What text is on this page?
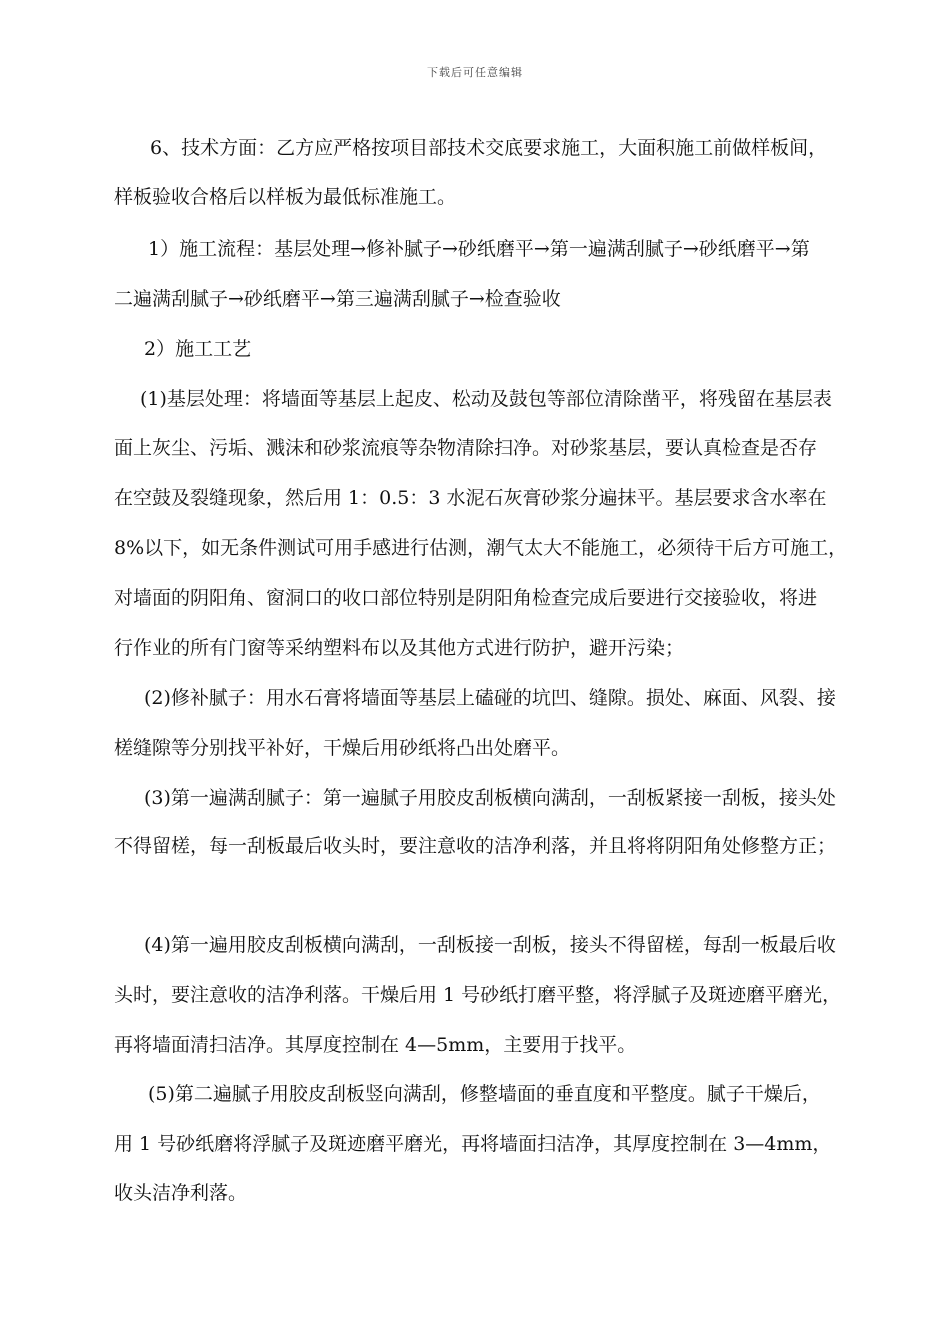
下载后可任意编辑
6、技术方面：乙方应严格按项目部技术交底要求施工，大面积施工前做样板间，
样板验收合格后以样板为最低标准施工。
1）施工流程：基层处理→修补腻子→砂纸磨平→第一遍满刮腻子→砂纸磨平→第
二遍满刮腻子→砂纸磨平→第三遍满刮腻子→检查验收
2）施工工艺
(1)基层处理：将墙面等基层上起皮、松动及鼓包等部位清除凿平，将残留在基层表
面上灰尘、污垢、溅沫和砂浆流痕等杂物清除扫净。对砂浆基层，要认真检查是否存
在空鼓及裂缝现象，然后用 1：0.5：3 水泥石灰膏砂浆分遍抹平。基层要求含水率在
8%以下，如无条件测试可用手感进行估测，潮气太大不能施工，必须待干后方可施工，
对墙面的阴阳角、窗洞口的收口部位特别是阴阳角检查完成后要进行交接验收，将进
行作业的所有门窗等采纳塑料布以及其他方式进行防护，避开污染；
(2)修补腻子：用水石膏将墙面等基层上磕碰的坑凹、缝隙。损处、麻面、风裂、接
槎缝隙等分别找平补好，干燥后用砂纸将凸出处磨平。
(3)第一遍满刮腻子：第一遍腻子用胶皮刮板横向满刮，一刮板紧接一刮板，接头处
不得留槎，每一刮板最后收头时，要注意收的洁净利落，并且将将阴阳角处修整方正；
(4)第一遍用胶皮刮板横向满刮，一刮板接一刮板，接头不得留槎，每刮一板最后收
头时，要注意收的洁净利落。干燥后用 1 号砂纸打磨平整，将浮腻子及斑迹磨平磨光，
再将墙面清扫洁净。其厚度控制在 4—5mm，主要用于找平。
(5)第二遍腻子用胶皮刮板竖向满刮，修整墙面的垂直度和平整度。腻子干燥后，
用 1 号砂纸磨将浮腻子及斑迹磨平磨光，再将墙面扫洁净，其厚度控制在 3—4mm，
收头洁净利落。
